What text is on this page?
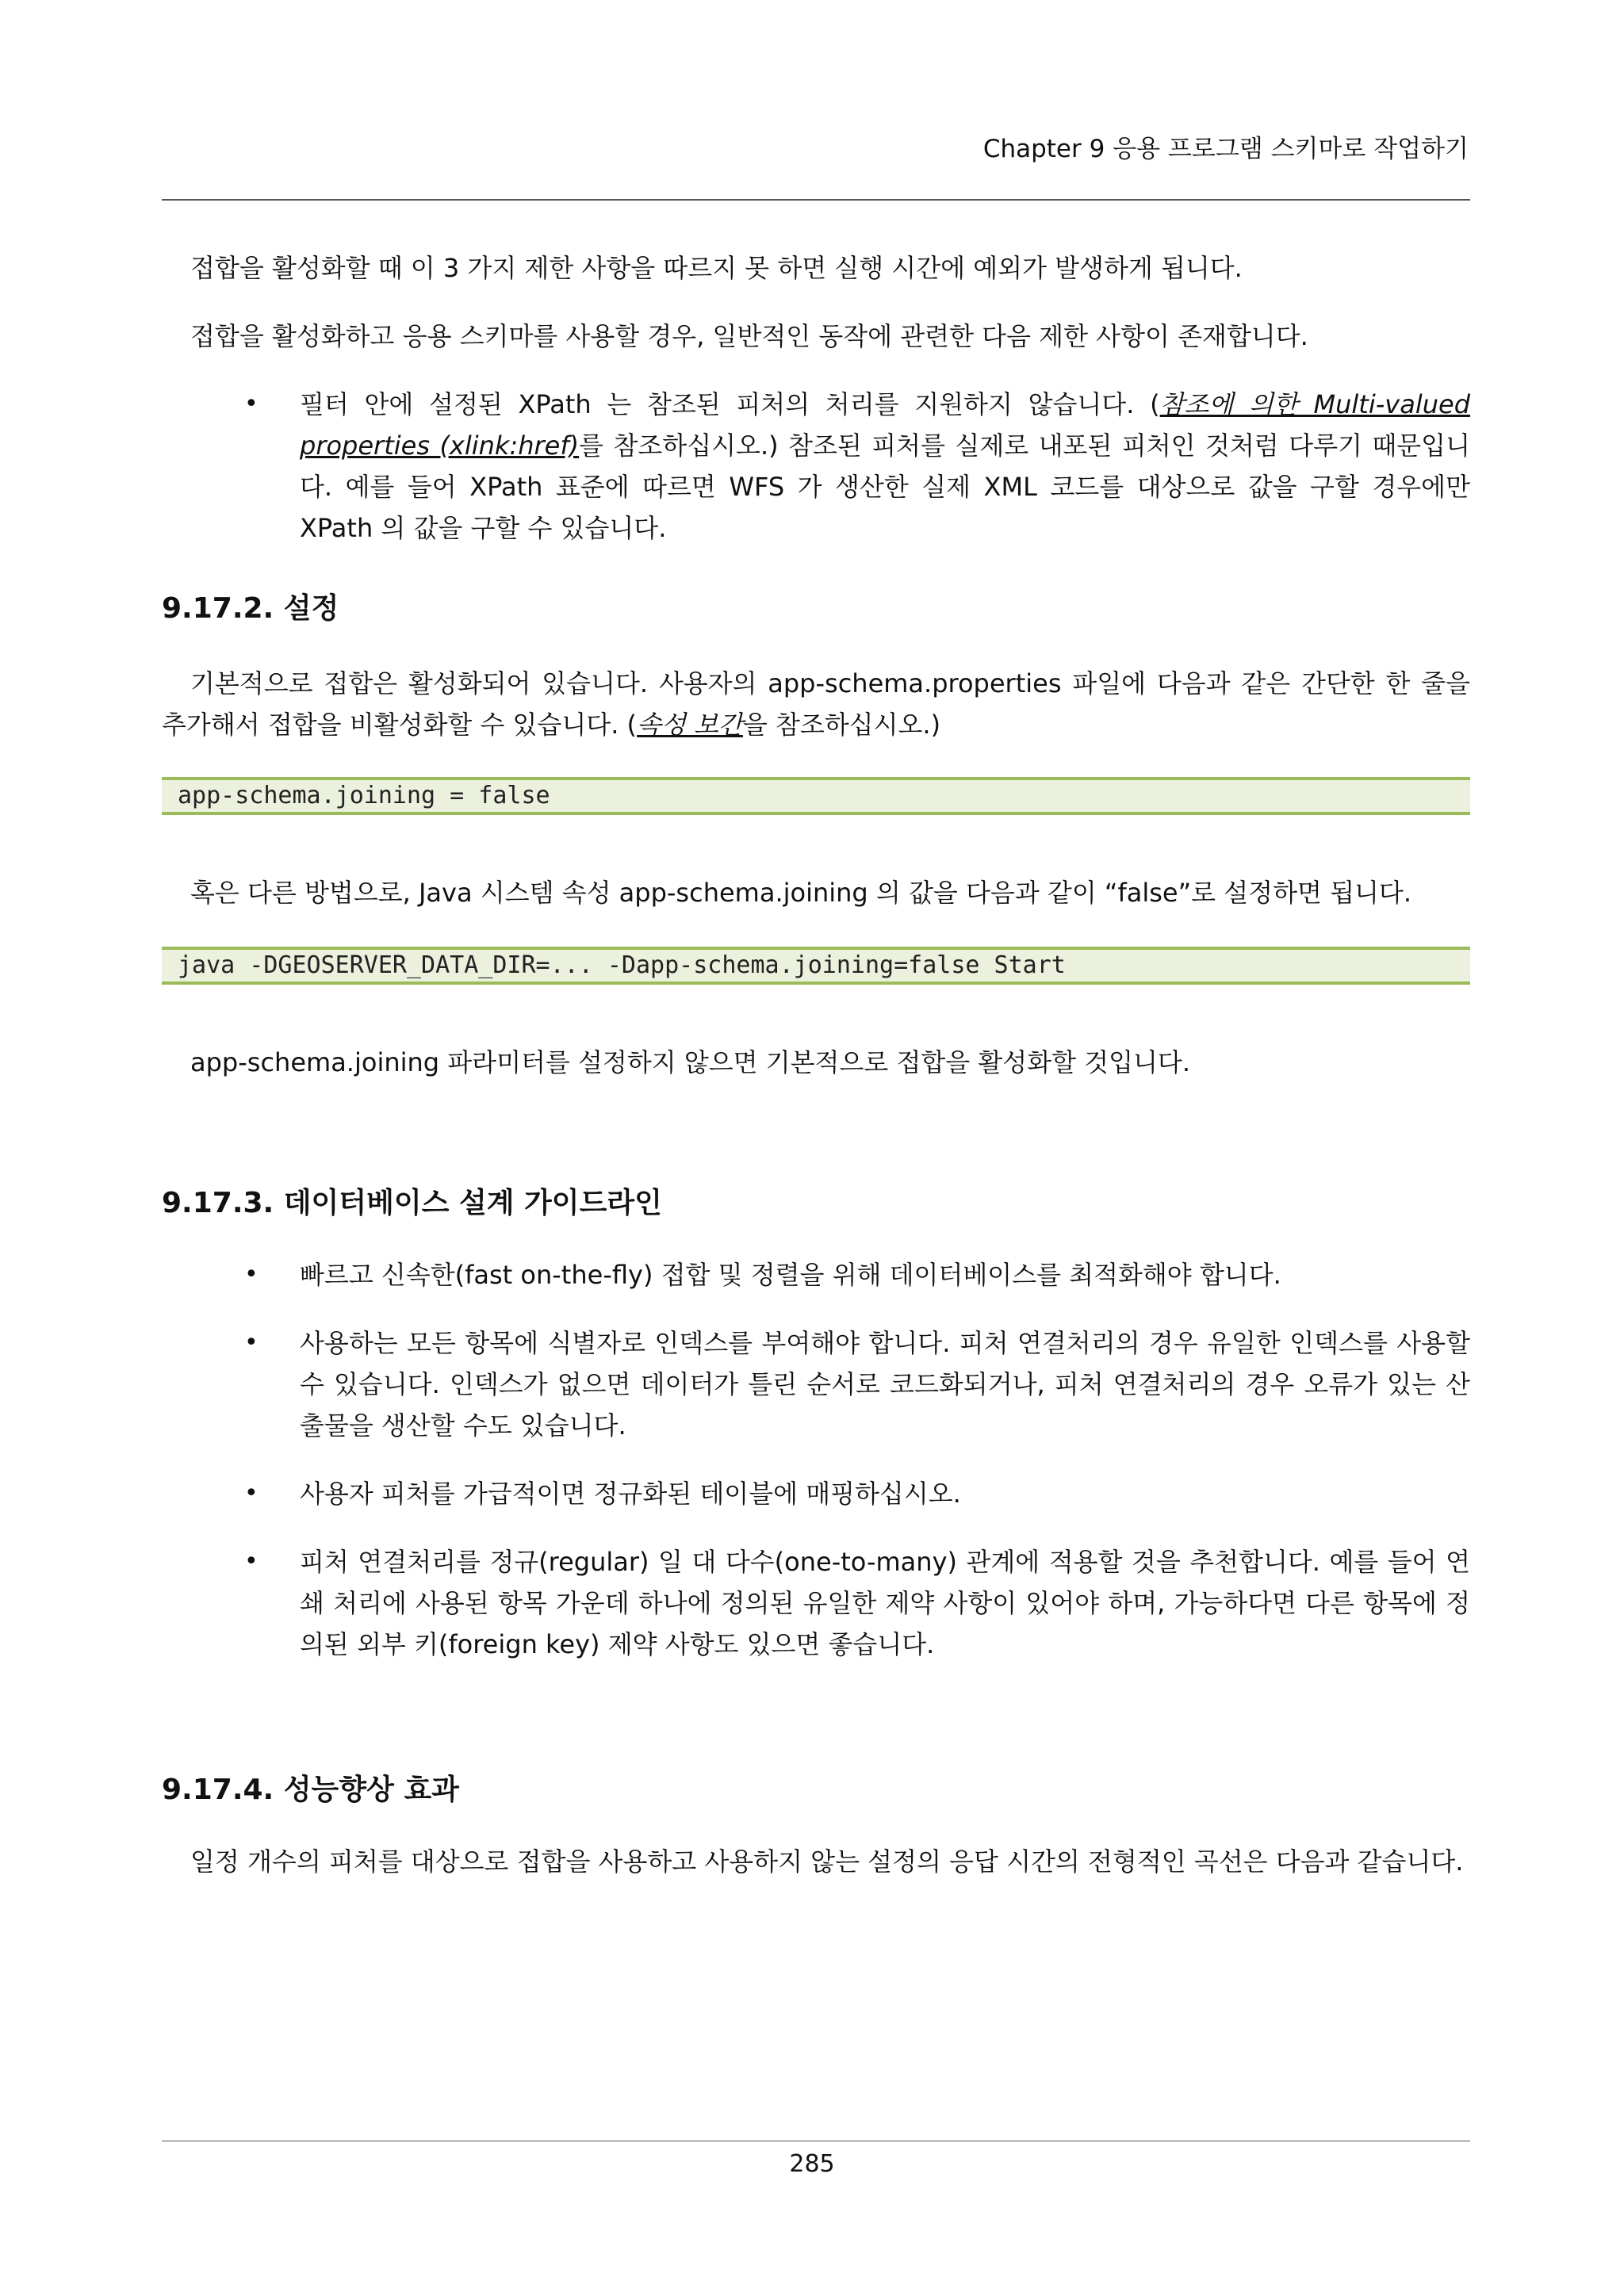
Chapter 9 응용 프로그램 스키마로 작업하기

접합을 활성화할 때 이 3 가지 제한 사항을 따르지 못 하면 실행 시간에 예외가 발생하게 됩니다.

접합을 활성화하고 응용 스키마를 사용할 경우, 일반적인 동작에 관련한 다음 제한 사항이 존재합니다.

• 필터 안에 설정된 XPath 는 참조된 피처의 처리를 지원하지 않습니다. (참조에 의한 Multi-valued properties (xlink:href)를 참조하십시오.) 참조된 피처를 실제로 내포된 피처인 것처럼 다루기 때문입니다. 예를 들어 XPath 표준에 따르면 WFS 가 생산한 실제 XML 코드를 대상으로 값을 구할 경우에만 XPath 의 값을 구할 수 있습니다.
9.17.2. 설정

기본적으로 접합은 활성화되어 있습니다. 사용자의 app-schema.properties 파일에 다음과 같은 간단한 한 줄을 추가해서 접합을 비활성화할 수 있습니다. (속성 보간을 참조하십시오.)

app-schema.joining = false

혹은 다른 방법으로, Java 시스템 속성 app-schema.joining 의 값을 다음과 같이 “false”로 설정하면 됩니다.

java -DGEOSERVER_DATA_DIR=... -Dapp-schema.joining=false Start

app-schema.joining 파라미터를 설정하지 않으면 기본적으로 접합을 활성화할 것입니다.

9.17.3. 데이터베이스 설계 가이드라인
• 빠르고 신속한(fast on-the-fly) 접합 및 정렬을 위해 데이터베이스를 최적화해야 합니다.
• 사용하는 모든 항목에 식별자로 인덱스를 부여해야 합니다. 피처 연결처리의 경우 유일한 인덱스를 사용할 수 있습니다. 인덱스가 없으면 데이터가 틀린 순서로 코드화되거나, 피처 연결처리의 경우 오류가 있는 산출물을 생산할 수도 있습니다.
• 사용자 피처를 가급적이면 정규화된 테이블에 매핑하십시오.
• 피처 연결처리를 정규(regular) 일 대 다수(one-to-many) 관계에 적용할 것을 추천합니다. 예를 들어 연쇄 처리에 사용된 항목 가운데 하나에 정의된 유일한 제약 사항이 있어야 하며, 가능하다면 다른 항목에 정의된 외부 키(foreign key) 제약 사항도 있으면 좋습니다.
9.17.4. 성능향상 효과

일정 개수의 피처를 대상으로 접합을 사용하고 사용하지 않는 설정의 응답 시간의 전형적인 곡선은 다음과 같습니다.

285
